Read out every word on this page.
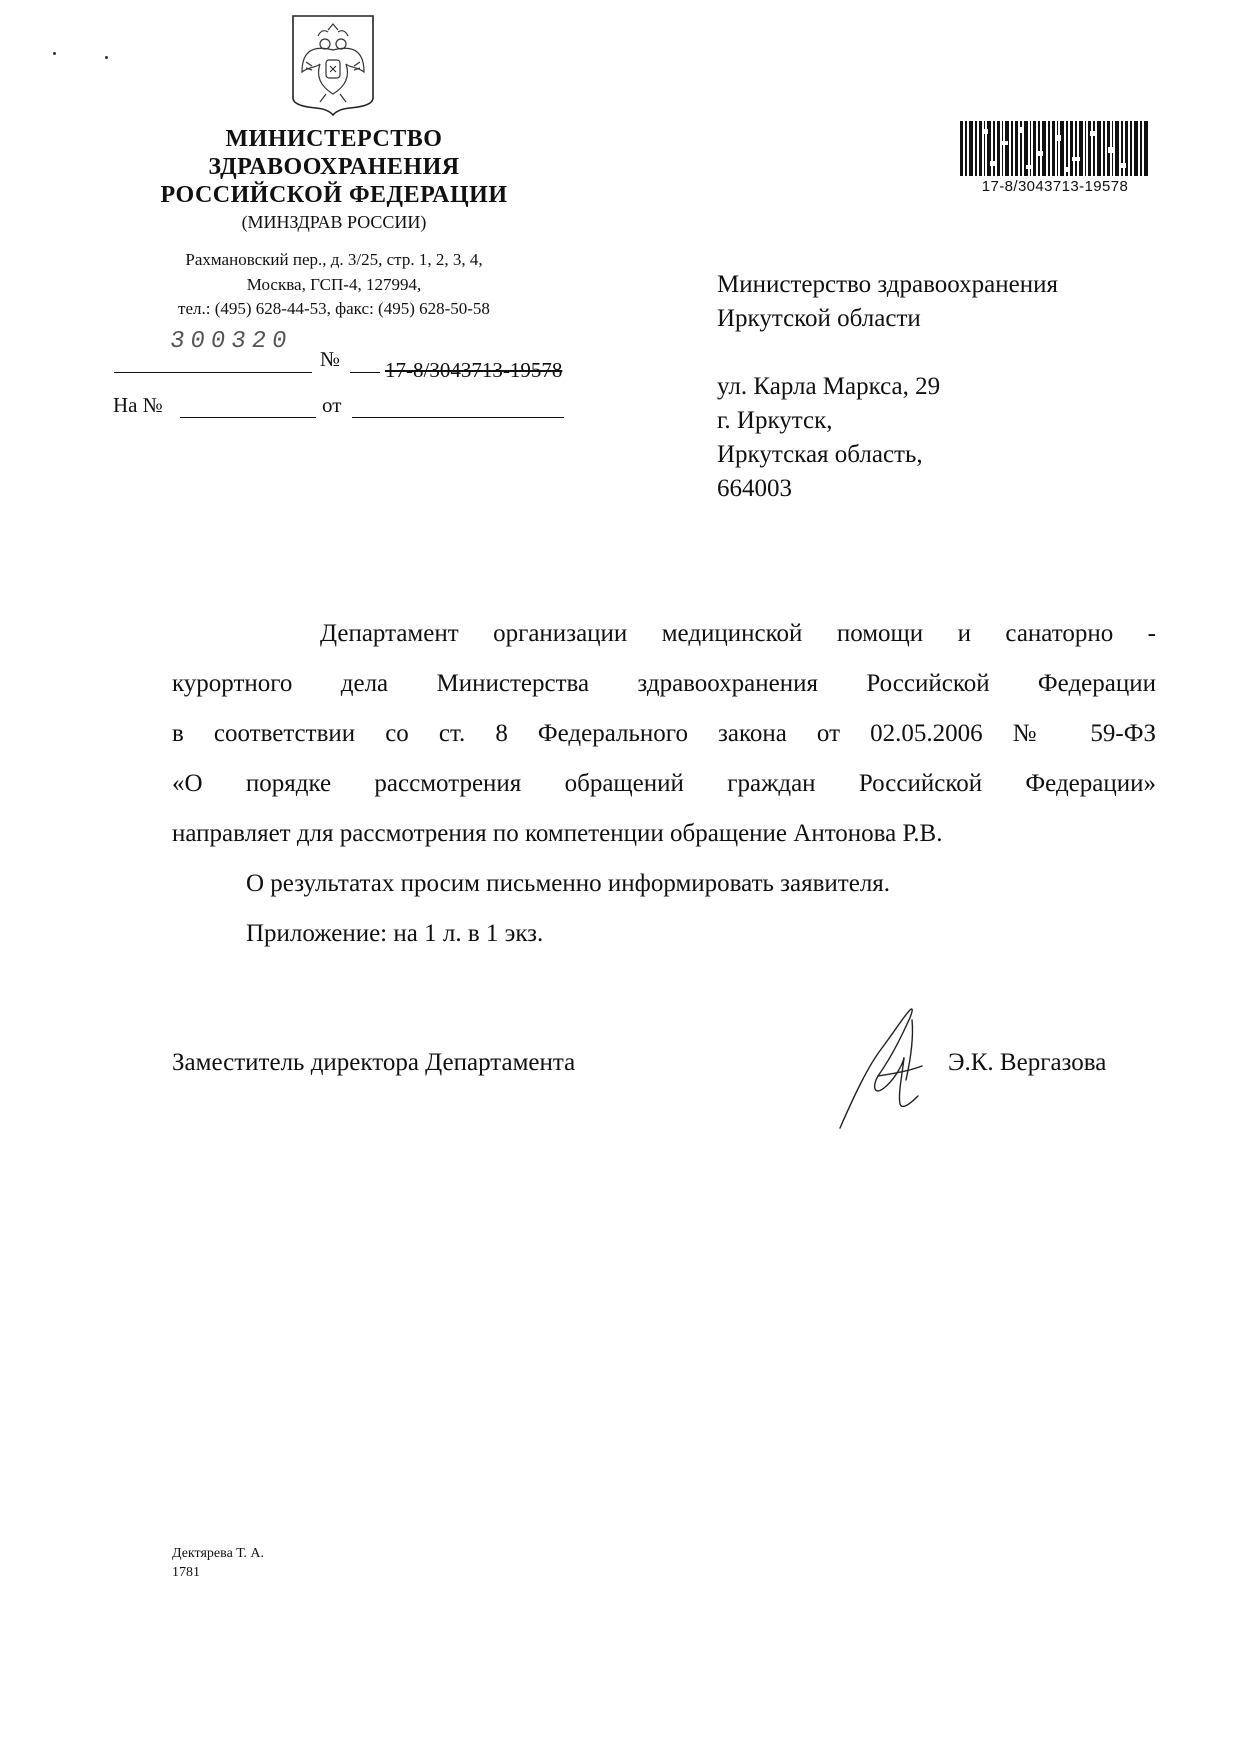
МИНИСТЕРСТВО
ЗДРАВООХРАНЕНИЯ
РОССИЙСКОЙ ФЕДЕРАЦИИ
(МИНЗДРАВ РОССИИ)
Рахмановский пер., д. 3/25, стр. 1, 2, 3, 4,
Москва, ГСП-4, 127994,
тел.: (495) 628-44-53, факс: (495) 628-50-58
300320
№ 17-8/3043713-19578
На №	от
17-8/3043713-19578
Министерство здравоохранения
Иркутской области
ул. Карла Маркса, 29
г. Иркутск,
Иркутская область,
664003
Департамент организации медицинской помощи и санаторно -
курортного дела Министерства здравоохранения Российской Федерации
в соответствии со ст. 8 Федерального закона от 02.05.2006 № 59-ФЗ
«О порядке рассмотрения обращений граждан Российской Федерации»
направляет для рассмотрения по компетенции обращение Антонова Р.В.
О результатах просим письменно информировать заявителя.
Приложение: на 1 л. в 1 экз.
Заместитель директора Департамента	Э.К. Вергазова
Дектярева Т. А.
1781
